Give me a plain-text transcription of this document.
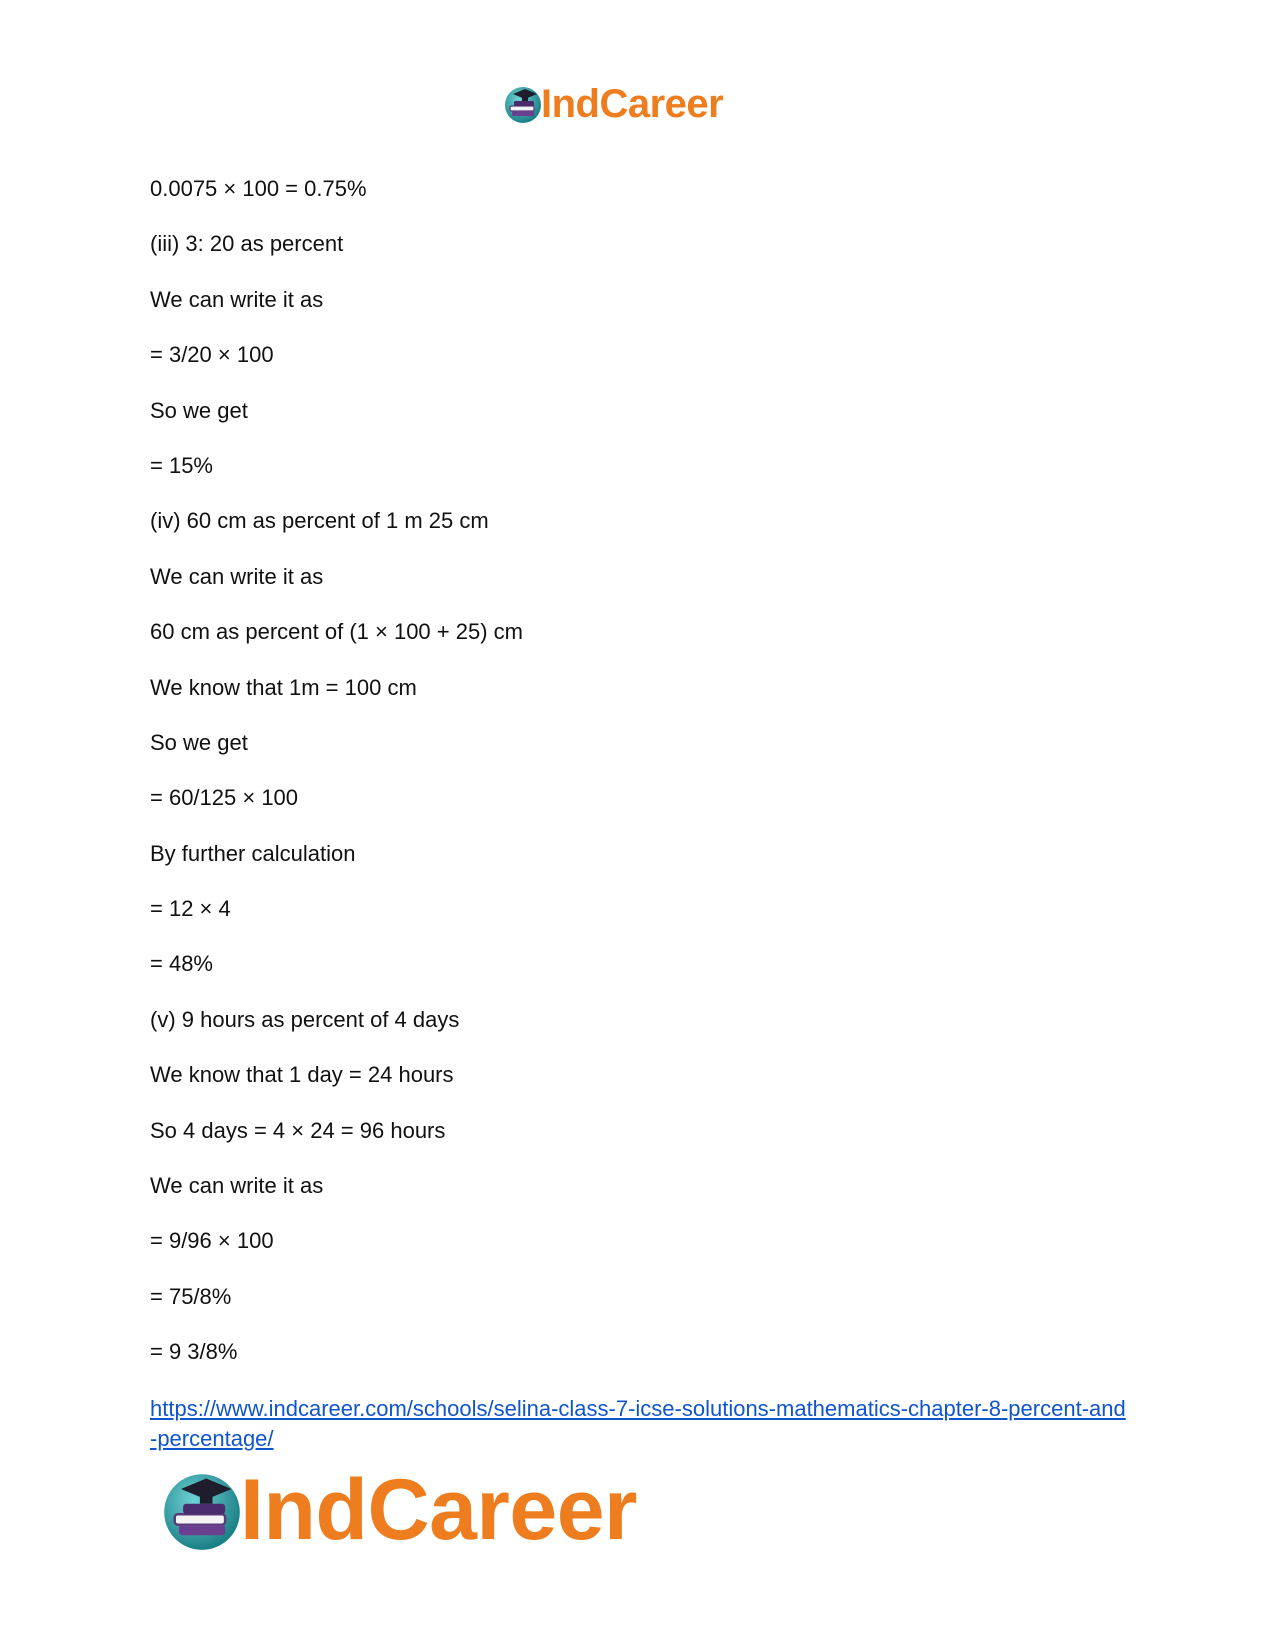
IndCareer

0.0075 × 100 = 0.75%

(iii) 3: 20 as percent

We can write it as

= 3/20 × 100

So we get

= 15%

(iv) 60 cm as percent of 1 m 25 cm

We can write it as

60 cm as percent of (1 × 100 + 25) cm

We know that 1m = 100 cm

So we get

= 60/125 × 100

By further calculation

= 12 × 4

= 48%

(v) 9 hours as percent of 4 days

We know that 1 day = 24 hours

So 4 days = 4 × 24 = 96 hours

We can write it as

= 9/96 × 100

= 75/8%

= 9 3/8%

https://www.indcareer.com/schools/selina-class-7-icse-solutions-mathematics-chapter-8-percent-and-percentage/
IndCareer
